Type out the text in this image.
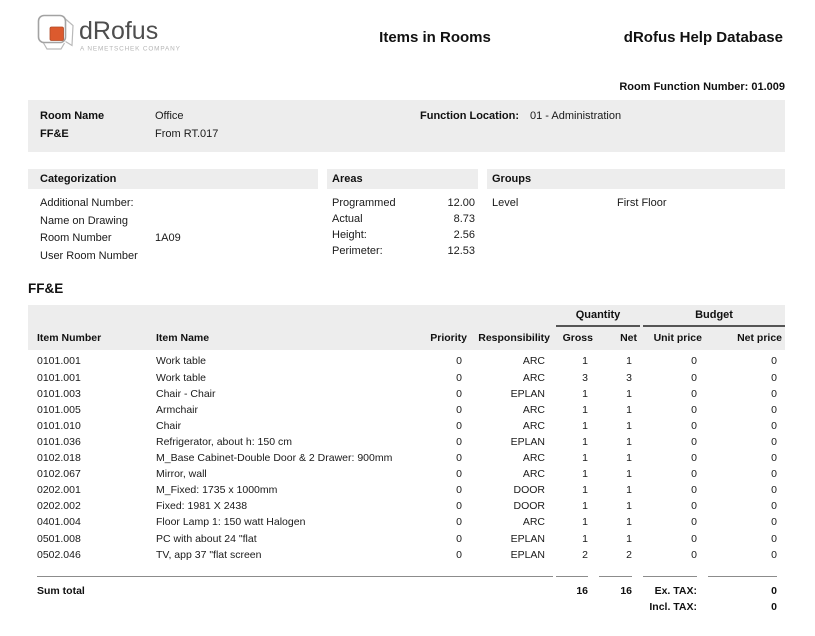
dRofus
A NEMETSCHEK COMPANY
Items in Rooms	dRofus Help Database
Room Function Number: 01.009
Room Name	Office
FF&E	From RT.017
Function Location:	01 - Administration
Categorization
Additional Number:
Name on Drawing
Room Number	1A09
User Room Number
Areas
Programmed	12.00
Actual	8.73
Height:	2.56
Perimeter:	12.53
Groups
Level	First Floor
FF&E
				Quantity		Budget	
Item Number	Item Name	Priority	Responsibility	Gross	Net	Unit price	Net price
0101.001	Work table	0	ARC	1	1	0	0
0101.001	Work table	0	ARC	3	3	0	0
0101.003	Chair - Chair	0	EPLAN	1	1	0	0
0101.005	Armchair	0	ARC	1	1	0	0
0101.010	Chair	0	ARC	1	1	0	0
0101.036	Refrigerator, about h: 150 cm	0	EPLAN	1	1	0	0
0102.018	M_Base Cabinet-Double Door & 2 Drawer: 900mm	0	ARC	1	1	0	0
0102.067	Mirror, wall	0	ARC	1	1	0	0
0202.001	M_Fixed: 1735 x 1000mm	0	DOOR	1	1	0	0
0202.002	Fixed: 1981 X 2438	0	DOOR	1	1	0	0
0401.004	Floor Lamp 1: 150 watt Halogen	0	ARC	1	1	0	0
0501.008	PC with about 24 "flat	0	EPLAN	1	1	0	0
0502.046	TV, app 37 "flat screen	0	EPLAN	2	2	0	0

Sum total				16	16	Ex. TAX:	0

						Incl. TAX:	0
